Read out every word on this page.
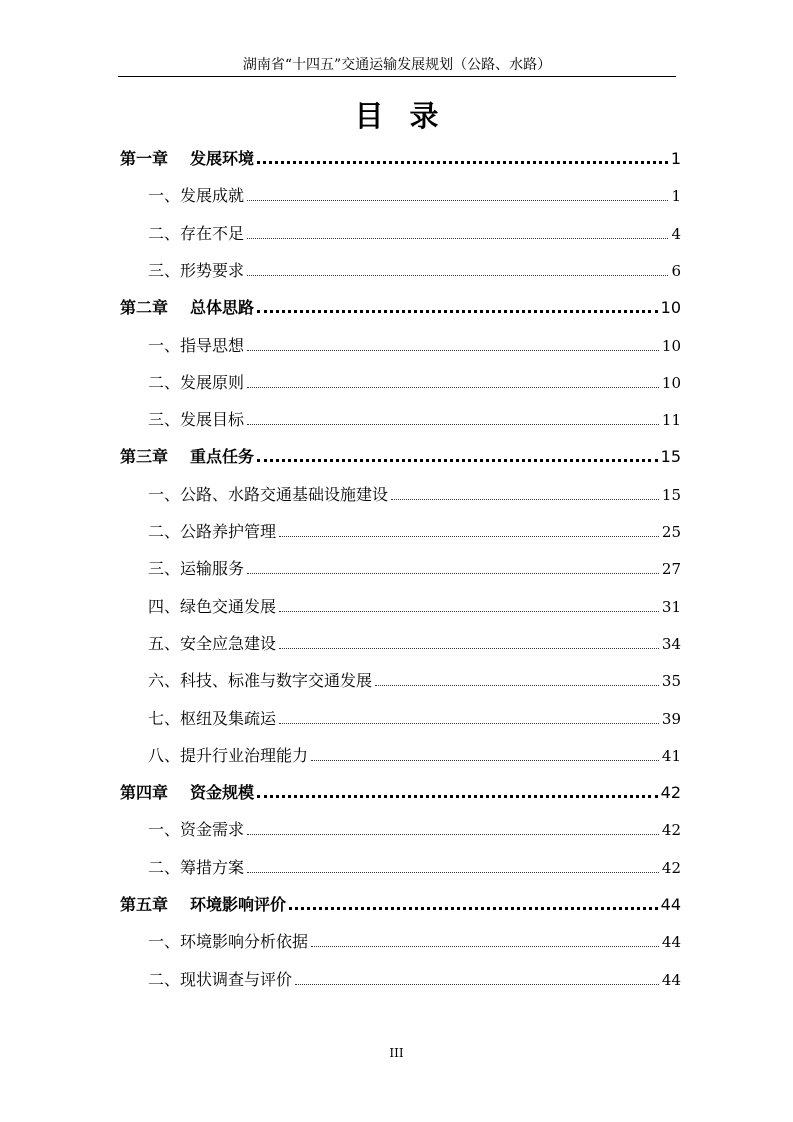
湖南省“十四五”交通运输发展规划（公路、水路）
目录
第一章 发展环境	1
一、发展成就	1
二、存在不足	4
三、形势要求	6
第二章 总体思路	10
一、指导思想	10
二、发展原则	10
三、发展目标	11
第三章 重点任务	15
一、公路、水路交通基础设施建设	15
二、公路养护管理	25
三、运输服务	27
四、绿色交通发展	31
五、安全应急建设	34
六、科技、标准与数字交通发展	35
七、枢纽及集疏运	39
八、提升行业治理能力	41
第四章 资金规模	42
一、资金需求	42
二、筹措方案	42
第五章 环境影响评价	44
一、环境影响分析依据	44
二、现状调查与评价	44
III
